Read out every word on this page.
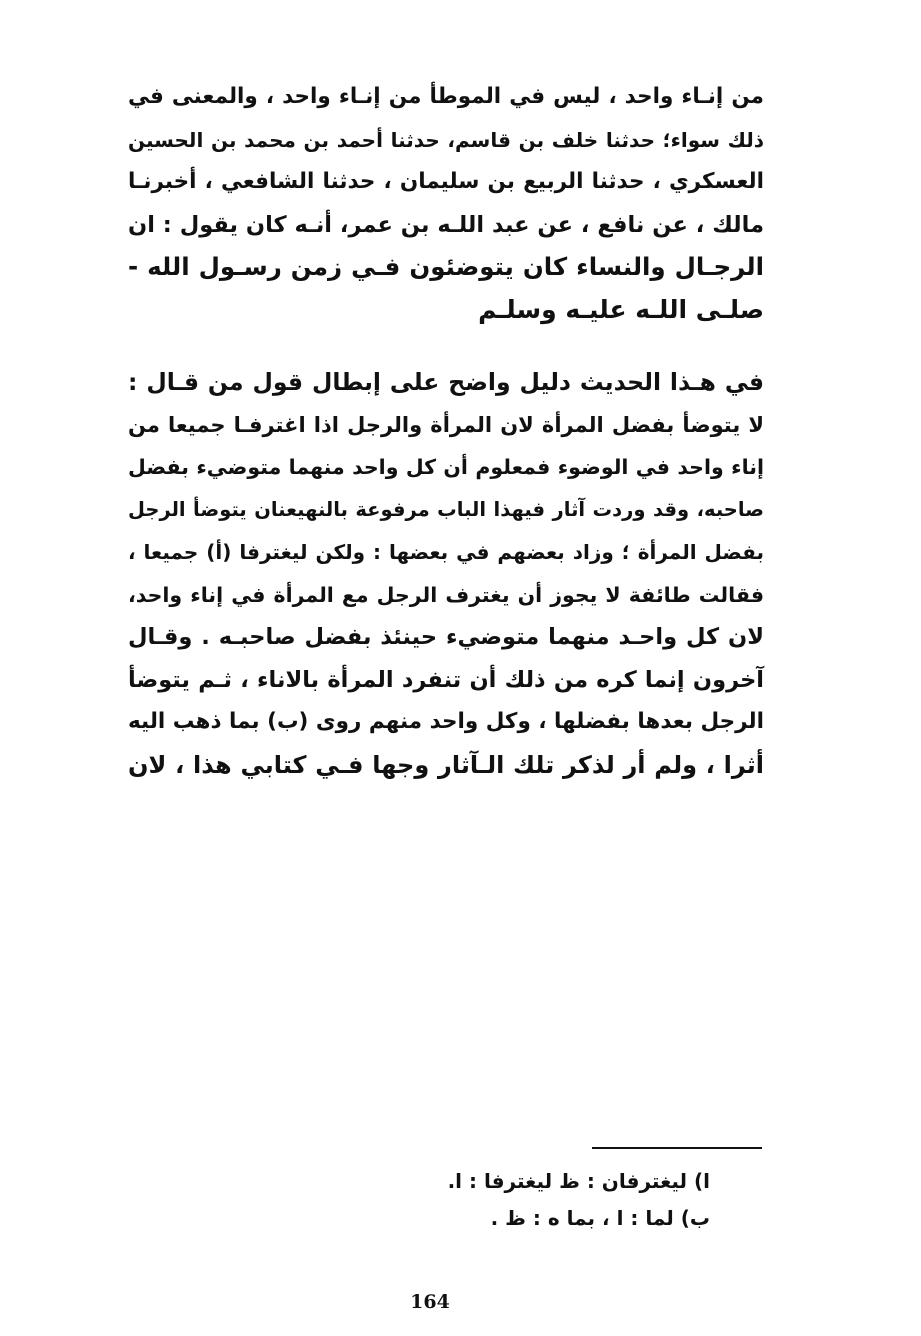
من إنـاء واحد ، ليس في الموطأ من إنـاء واحد ، والمعنى في
ذلك سواء؛ حدثنا خلف بن قاسم، حدثنا أحمد بن محمد بن الحسين
العسكري ، حدثنا الربيع بن سليمان ، حدثنا الشافعي ، أخبرنـا
مالك ، عن نافع ، عن عبد اللـه بن عمر، أنـه كان يقول : ان
الرجـال والنساء كان يتوضئون فـي زمن رسـول الله -
صلـى اللـه عليـه وسلـم
في هـذا الحديث دليل واضح على إبطال قول من قـال :
لا يتوضأ بفضل المرأة لان المرأة والرجل اذا اغترفـا جميعا من
إناء واحد في الوضوء فمعلوم أن كل واحد منهما متوضيء بفضل
صاحبه، وقد وردت آثار فيهذا الباب مرفوعة بالنهيعنان يتوضأ الرجل
بفضل المرأة ؛ وزاد بعضهم في بعضها : ولكن ليغترفا (أ) جميعا ،
فقالت طائفة لا يجوز أن يغترف الرجل مع المرأة في إناء واحد،
لان كل واحـد منهما متوضيء حينئذ بفضل صاحبـه . وقـال
آخرون إنما كره من ذلك أن تنفرد المرأة بالاناء ، ثـم يتوضأ
الرجل بعدها بفضلها ، وكل واحد منهم روى (ب) بما ذهب اليه
أثرا ، ولم أر لذكر تلك الـآثار وجها فـي كتابي هذا ، لان
ا) ليغترفان : ظ ليغترفا : ا.
ب) لما : ا ، بما ه : ظ .
164
